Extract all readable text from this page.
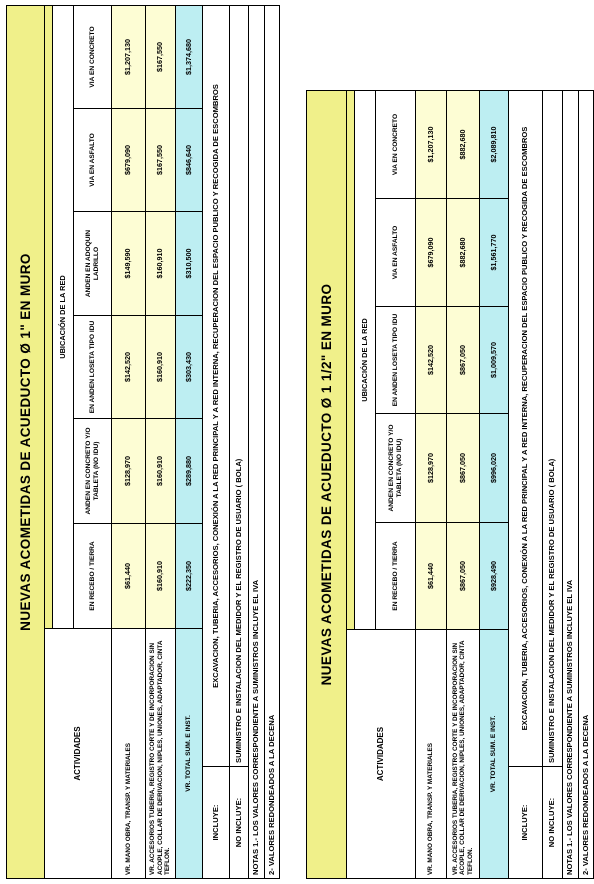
NUEVAS ACOMETIDAS DE ACUEDUCTO Ø 1" EN MURO							
ACTIVIDADES							
		UBICACIÓN DE LA RED					
		EN RECEBO / TIERRA	ANDEN EN CONCRETO Y/O TABLETA (NO IDU)	EN ANDEN LOSETA TIPO IDU	ANDEN EN ADOQUIN LADRILLO	VIA EN ASFALTO	VIA EN CONCRETO
VR. MANO OBRA, TRANSP. Y MATERIALES		$61,440	$128,970	$142,520	$149,590	$679,090	$1,207,130
VR. ACCESORIOS TUBERIA, REGISTRO CORTE Y DE INCORPORACION SIN ACOPLE, COLLAR DE DERIVACION, NIPLES, UNIONES, ADAPTADOR, CINTA TEFLON.		$160,910	$160,910	$160,910	$160,910	$167,550	$167,550
VR. TOTAL SUM. E INST.		$222,350	$289,880	$303,430	$310,500	$846,640	$1,374,680
INCLUYE:	EXCAVACION, TUBERIA, ACCESORIOS, CONEXIÓN A LA RED PRINCIPAL Y A RED INTERNA, RECUPERACION DEL ESPACIO PUBLICO Y RECOGIDA DE ESCOMBROS						
NO INCLUYE:	SUMINISTRO E INSTALACION DEL MEDIDOR Y EL REGISTRO DE USUARIO ( BOLA)						
NOTAS 1.- LOS VALORES CORRESPONDIENTE A SUMINISTROS INCLUYE EL IVA							
2- VALORES REDONDEADOS A LA DECENA							
NUEVAS ACOMETIDAS DE ACUEDUCTO Ø 1 1/2" EN MURO						
ACTIVIDADES						
		UBICACIÓN DE LA RED				
		EN RECEBO / TIERRA	ANDEN EN CONCRETO Y/O TABLETA (NO IDU)	EN ANDEN LOSETA TIPO IDU	VIA EN ASFALTO	VIA EN CONCRETO
VR. MANO OBRA, TRANSP. Y MATERIALES		$61,440	$128,970	$142,520	$679,090	$1,207,130
VR. ACCESORIOS TUBERIA, REGISTRO CORTE Y DE INCORPORACION SIN ACOPLE, COLLAR DE DERIVACION, NIPLES, UNIONES, ADAPTADOR, CINTA TEFLON.		$867,050	$867,050	$867,050	$882,680	$882,680
VR. TOTAL SUM. E INST.		$928,490	$996,020	$1,009,570	$1,561,770	$2,089,810
INCLUYE:	EXCAVACION, TUBERIA, ACCESORIOS, CONEXIÓN A LA RED PRINCIPAL Y A RED INTERNA, RECUPERACION DEL ESPACIO PUBLICO Y RECOGIDA DE ESCOMBROS					
NO INCLUYE:	SUMINISTRO E INSTALACION DEL MEDIDOR Y EL REGISTRO DE USUARIO ( BOLA)					
NOTAS 1.- LOS VALORES CORRESPONDIENTE A SUMINISTROS INCLUYE EL IVA						
2- VALORES REDONDEADOS A LA DECENA						
